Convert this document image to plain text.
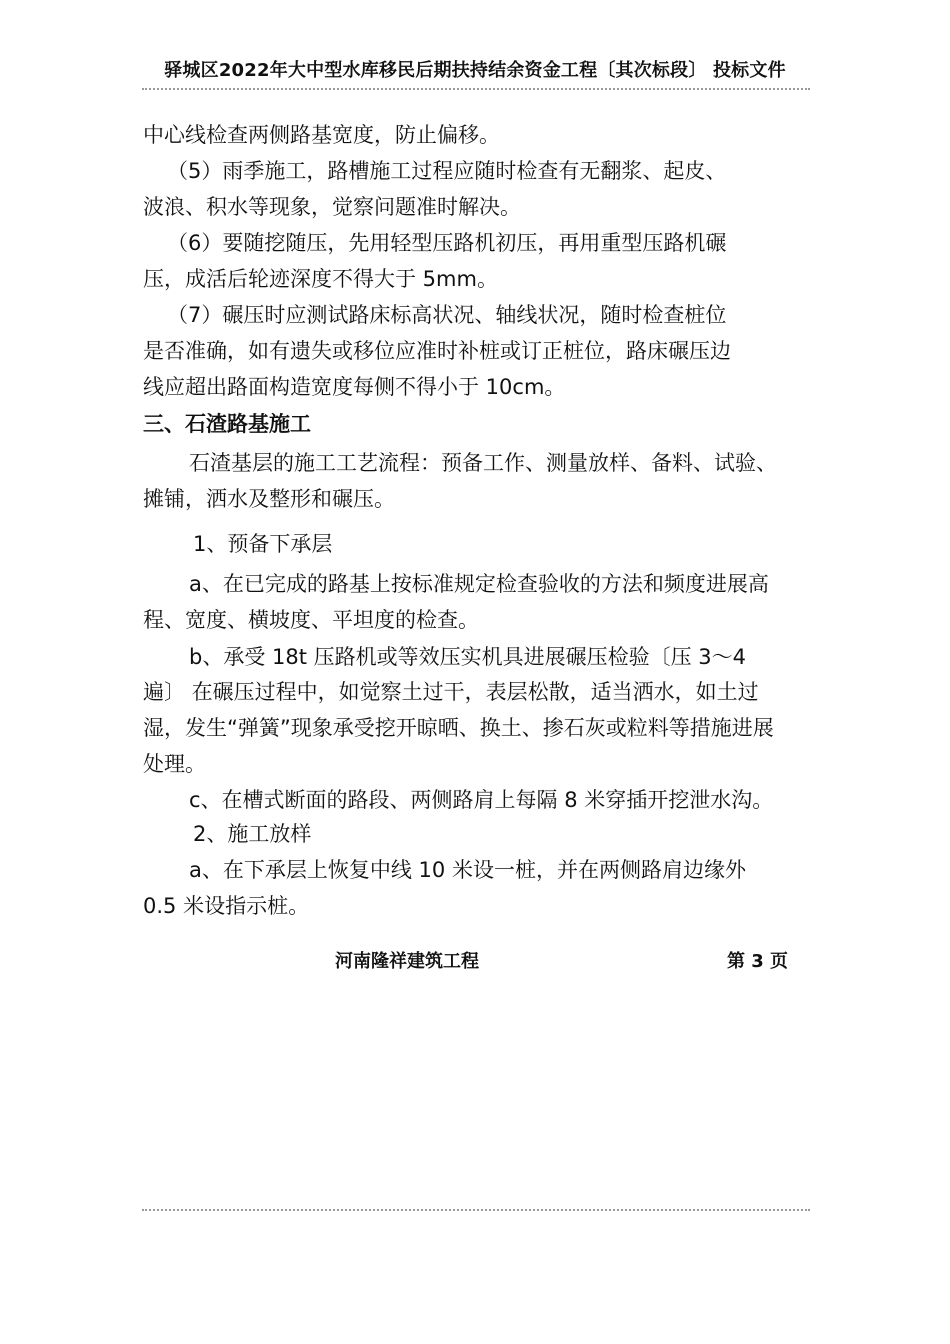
驿城区2022年大中型水库移民后期扶持结余资金工程〔其次标段〕 投标文件
中心线检查两侧路基宽度，防止偏移。
（5）雨季施工，路槽施工过程应随时检查有无翻浆、起皮、
波浪、积水等现象，觉察问题准时解决。
（6）要随挖随压，先用轻型压路机初压，再用重型压路机碾
压，成活后轮迹深度不得大于 5mm。
（7）碾压时应测试路床标高状况、轴线状况，随时检查桩位
是否准确，如有遗失或移位应准时补桩或订正桩位，路床碾压边
线应超出路面构造宽度每侧不得小于 10cm。
三、石渣路基施工
石渣基层的施工工艺流程：预备工作、测量放样、备料、试验、
摊铺，洒水及整形和碾压。
1、预备下承层
a、在已完成的路基上按标准规定检查验收的方法和频度进展高
程、宽度、横坡度、平坦度的检查。
b、承受 18t 压路机或等效压实机具进展碾压检验〔压 3～4
遍〕 在碾压过程中，如觉察土过干，表层松散，适当洒水，如土过
湿，发生“弹簧”现象承受挖开晾晒、换土、掺石灰或粒料等措施进展
处理。
c、在槽式断面的路段、两侧路肩上每隔 8 米穿插开挖泄水沟。
2、施工放样
a、在下承层上恢复中线 10 米设一桩，并在两侧路肩边缘外
0.5 米设指示桩。
河南隆祥建筑工程	第 3 页
